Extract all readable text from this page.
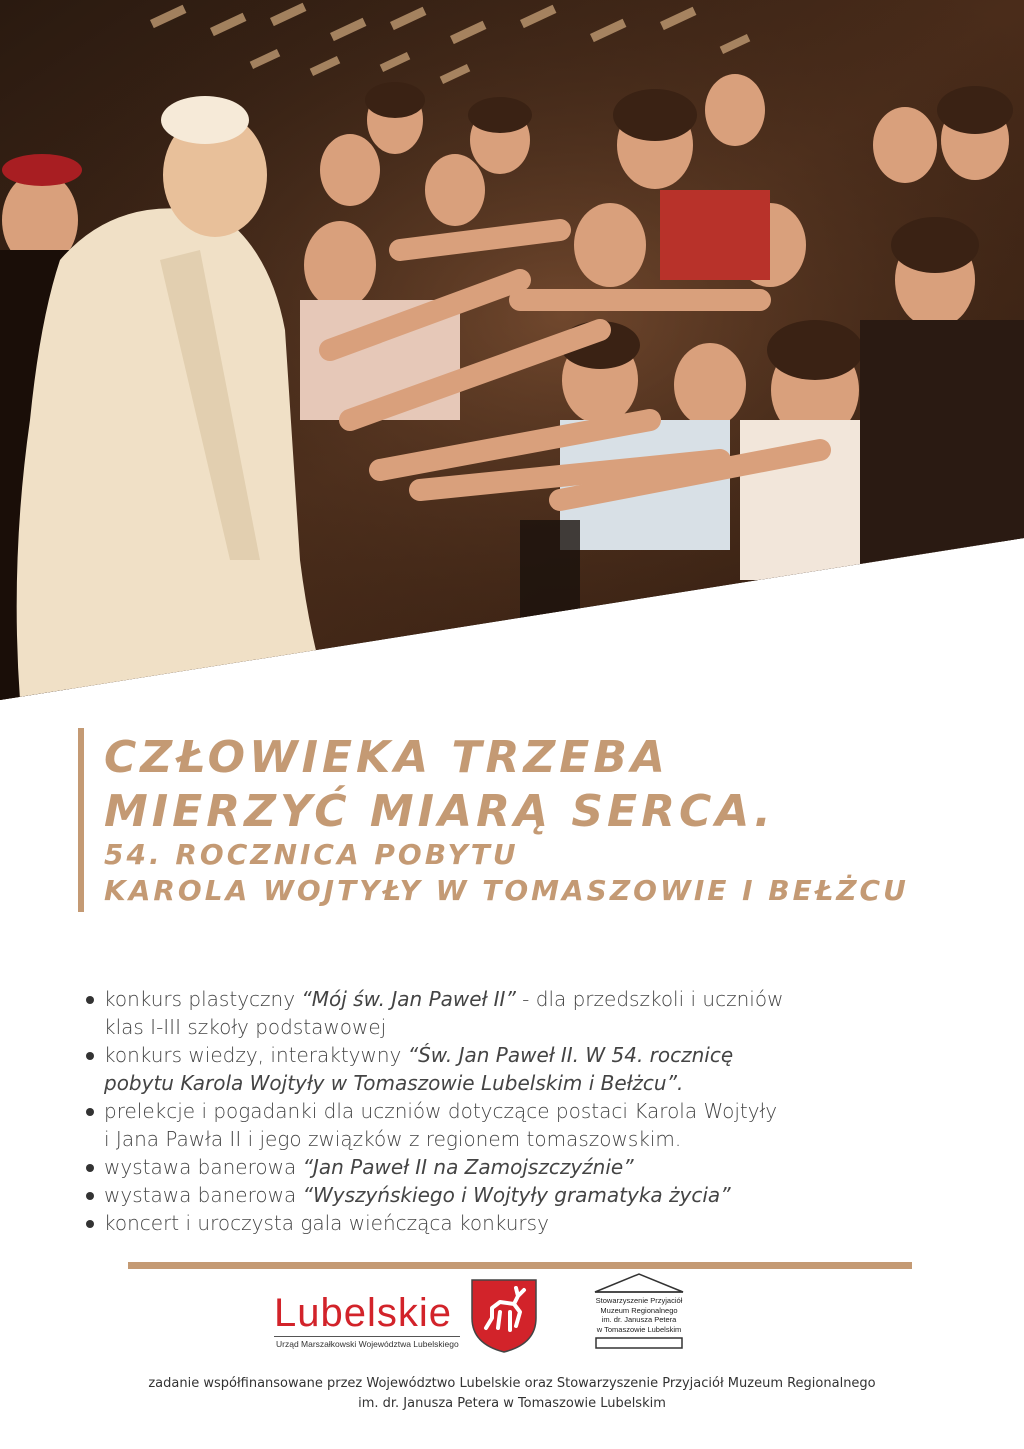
CZŁOWIEKA TRZEBA
MIERZYĆ MIARĄ SERCA.
54. ROCZNICA POBYTU
KAROLA WOJTYŁY W TOMASZOWIE I BEŁŻCU
konkurs plastyczny “Mój św. Jan Paweł II” - dla przedszkoli i uczniów
klas I-III szkoły podstawowej
konkurs wiedzy, interaktywny “Św. Jan Paweł II. W 54. rocznicę
pobytu Karola Wojtyły w Tomaszowie Lubelskim i Bełżcu”.
prelekcje i pogadanki dla uczniów dotyczące postaci Karola Wojtyły
i Jana Pawła II i jego związków z regionem tomaszowskim.
wystawa banerowa “Jan Paweł II na Zamojszczyźnie”
wystawa banerowa “Wyszyńskiego i Wojtyły gramatyka życia”
koncert i uroczysta gala wieńcząca konkursy
Lubelskie
Urząd Marszałkowski Województwa Lubelskiego
Stowarzyszenie Przyjaciół
Muzeum Regionalnego
im. dr. Janusza Petera
w Tomaszowie Lubelskim
zadanie współfinansowane przez Województwo Lubelskie oraz Stowarzyszenie Przyjaciół Muzeum Regionalnego
im. dr. Janusza Petera w Tomaszowie Lubelskim
